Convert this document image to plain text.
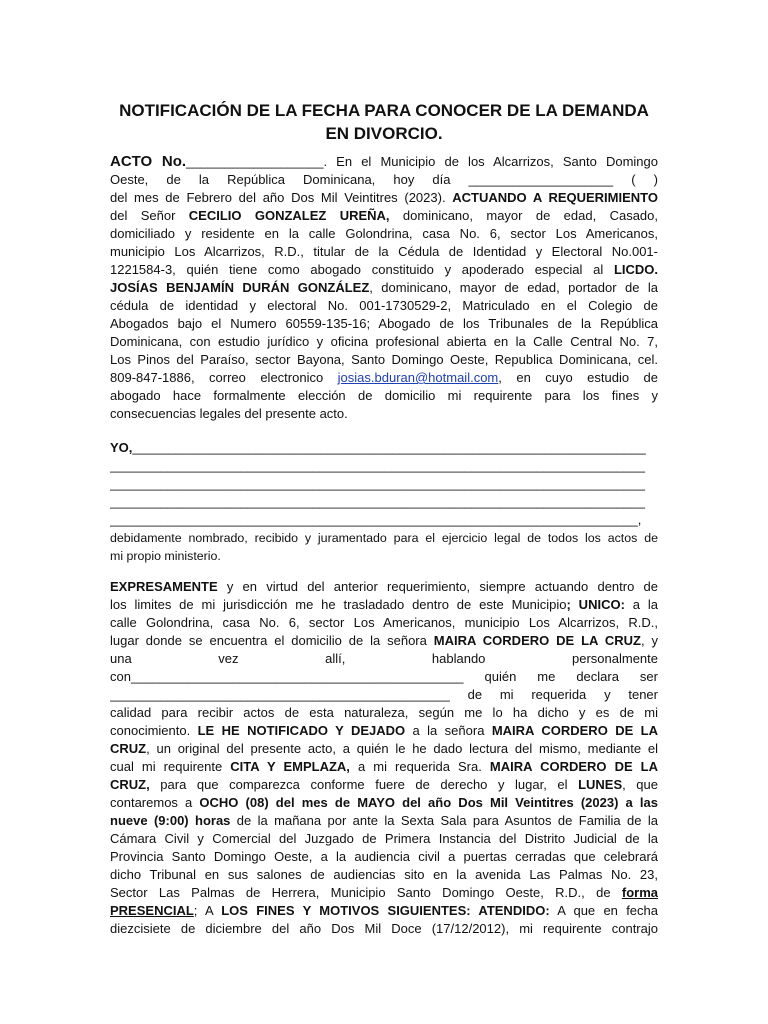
NOTIFICACIÓN DE LA FECHA PARA CONOCER DE LA DEMANDA
EN DIVORCIO.
ACTO No.___________________. En el Municipio de los Alcarrizos, Santo Domingo
Oeste, de la República Dominicana, hoy día ____________________ ( )
del mes de Febrero del año Dos Mil Veintitres (2023). ACTUANDO A REQUERIMIENTO
del Señor CECILIO GONZALEZ UREÑA, dominicano, mayor de edad, Casado,
domiciliado y residente en la calle Golondrina, casa No. 6, sector Los Americanos,
municipio Los Alcarrizos, R.D., titular de la Cédula de Identidad y Electoral No.001-
1221584-3, quién tiene como abogado constituido y apoderado especial al LICDO.
JOSÍAS BENJAMÍN DURÁN GONZÁLEZ, dominicano, mayor de edad, portador de la
cédula de identidad y electoral No. 001-1730529-2, Matriculado en el Colegio de
Abogados bajo el Numero 60559-135-16; Abogado de los Tribunales de la República
Dominicana, con estudio jurídico y oficina profesional abierta en la Calle Central No. 7,
Los Pinos del Paraíso, sector Bayona, Santo Domingo Oeste, Republica Dominicana, cel.
809-847-1886, correo electronico josias.bduran@hotmail.com, en cuyo estudio de
abogado hace formalmente elección de domicilio mi requirente para los fines y
consecuencias legales del presente acto.
YO,_______________________________________________________________________
__________________________________________________________________________
__________________________________________________________________________
__________________________________________________________________________
_________________________________________________________________________,
debidamente nombrado, recibido y juramentado para el ejercicio legal de todos los actos de
mi propio ministerio.
EXPRESAMENTE y en virtud del anterior requerimiento, siempre actuando dentro de
los limites de mi jurisdicción me he trasladado dentro de este Municipio; UNICO: a la
calle Golondrina, casa No. 6, sector Los Americanos, municipio Los Alcarrizos, R.D.,
lugar donde se encuentra el domicilio de la señora MAIRA CORDERO DE LA CRUZ, y
una vez allí, hablando personalmente
con______________________________________________ quién me declara ser
_______________________________________________ de mi requerida y tener
calidad para recibir actos de esta naturaleza, según me lo ha dicho y es de mi
conocimiento. LE HE NOTIFICADO Y DEJADO a la señora MAIRA CORDERO DE LA
CRUZ, un original del presente acto, a quién le he dado lectura del mismo, mediante el
cual mi requirente CITA Y EMPLAZA, a mi requerida Sra. MAIRA CORDERO DE LA
CRUZ, para que comparezca conforme fuere de derecho y lugar, el LUNES, que
contaremos a OCHO (08) del mes de MAYO del año Dos Mil Veintitres (2023) a las
nueve (9:00) horas de la mañana por ante la Sexta Sala para Asuntos de Familia de la
Cámara Civil y Comercial del Juzgado de Primera Instancia del Distrito Judicial de la
Provincia Santo Domingo Oeste, a la audiencia civil a puertas cerradas que celebrará
dicho Tribunal en sus salones de audiencias sito en la avenida Las Palmas No. 23,
Sector Las Palmas de Herrera, Municipio Santo Domingo Oeste, R.D., de forma
PRESENCIAL; A LOS FINES Y MOTIVOS SIGUIENTES: ATENDIDO: A que en fecha
diezcisiete de diciembre del año Dos Mil Doce (17/12/2012), mi requirente contrajo
